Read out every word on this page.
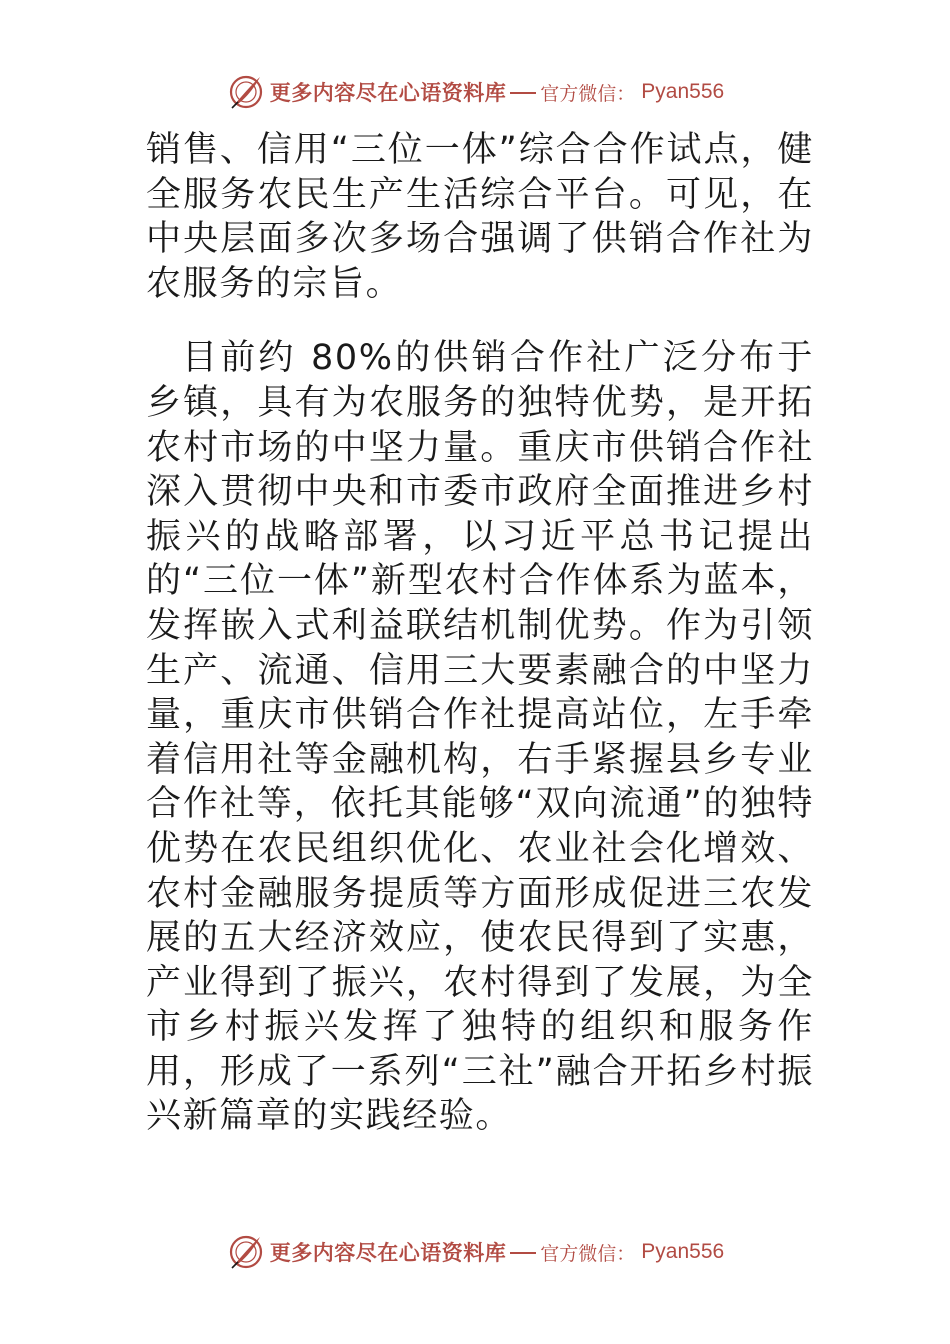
更多内容尽在心语资料库 官方微信： Pyan556

销售、信用“三位一体”综合合作试点，健全服务农民生产生活综合平台。可见，在中央层面多次多场合强调了供销合作社为农服务的宗旨。

目前约 80%的供销合作社广泛分布于乡镇，具有为农服务的独特优势，是开拓农村市场的中坚力量。重庆市供销合作社深入贯彻中央和市委市政府全面推进乡村振兴的战略部署，以习近平总书记提出的“三位一体”新型农村合作体系为蓝本，发挥嵌入式利益联结机制优势。作为引领生产、流通、信用三大要素融合的中坚力量，重庆市供销合作社提高站位，左手牵着信用社等金融机构，右手紧握县乡专业合作社等，依托其能够“双向流通”的独特优势在农民组织优化、农业社会化增效、农村金融服务提质等方面形成促进三农发展的五大经济效应，使农民得到了实惠，产业得到了振兴，农村得到了发展，为全市乡村振兴发挥了独特的组织和服务作用，形成了一系列“三社”融合开拓乡村振兴新篇章的实践经验。

更多内容尽在心语资料库 官方微信： Pyan556
